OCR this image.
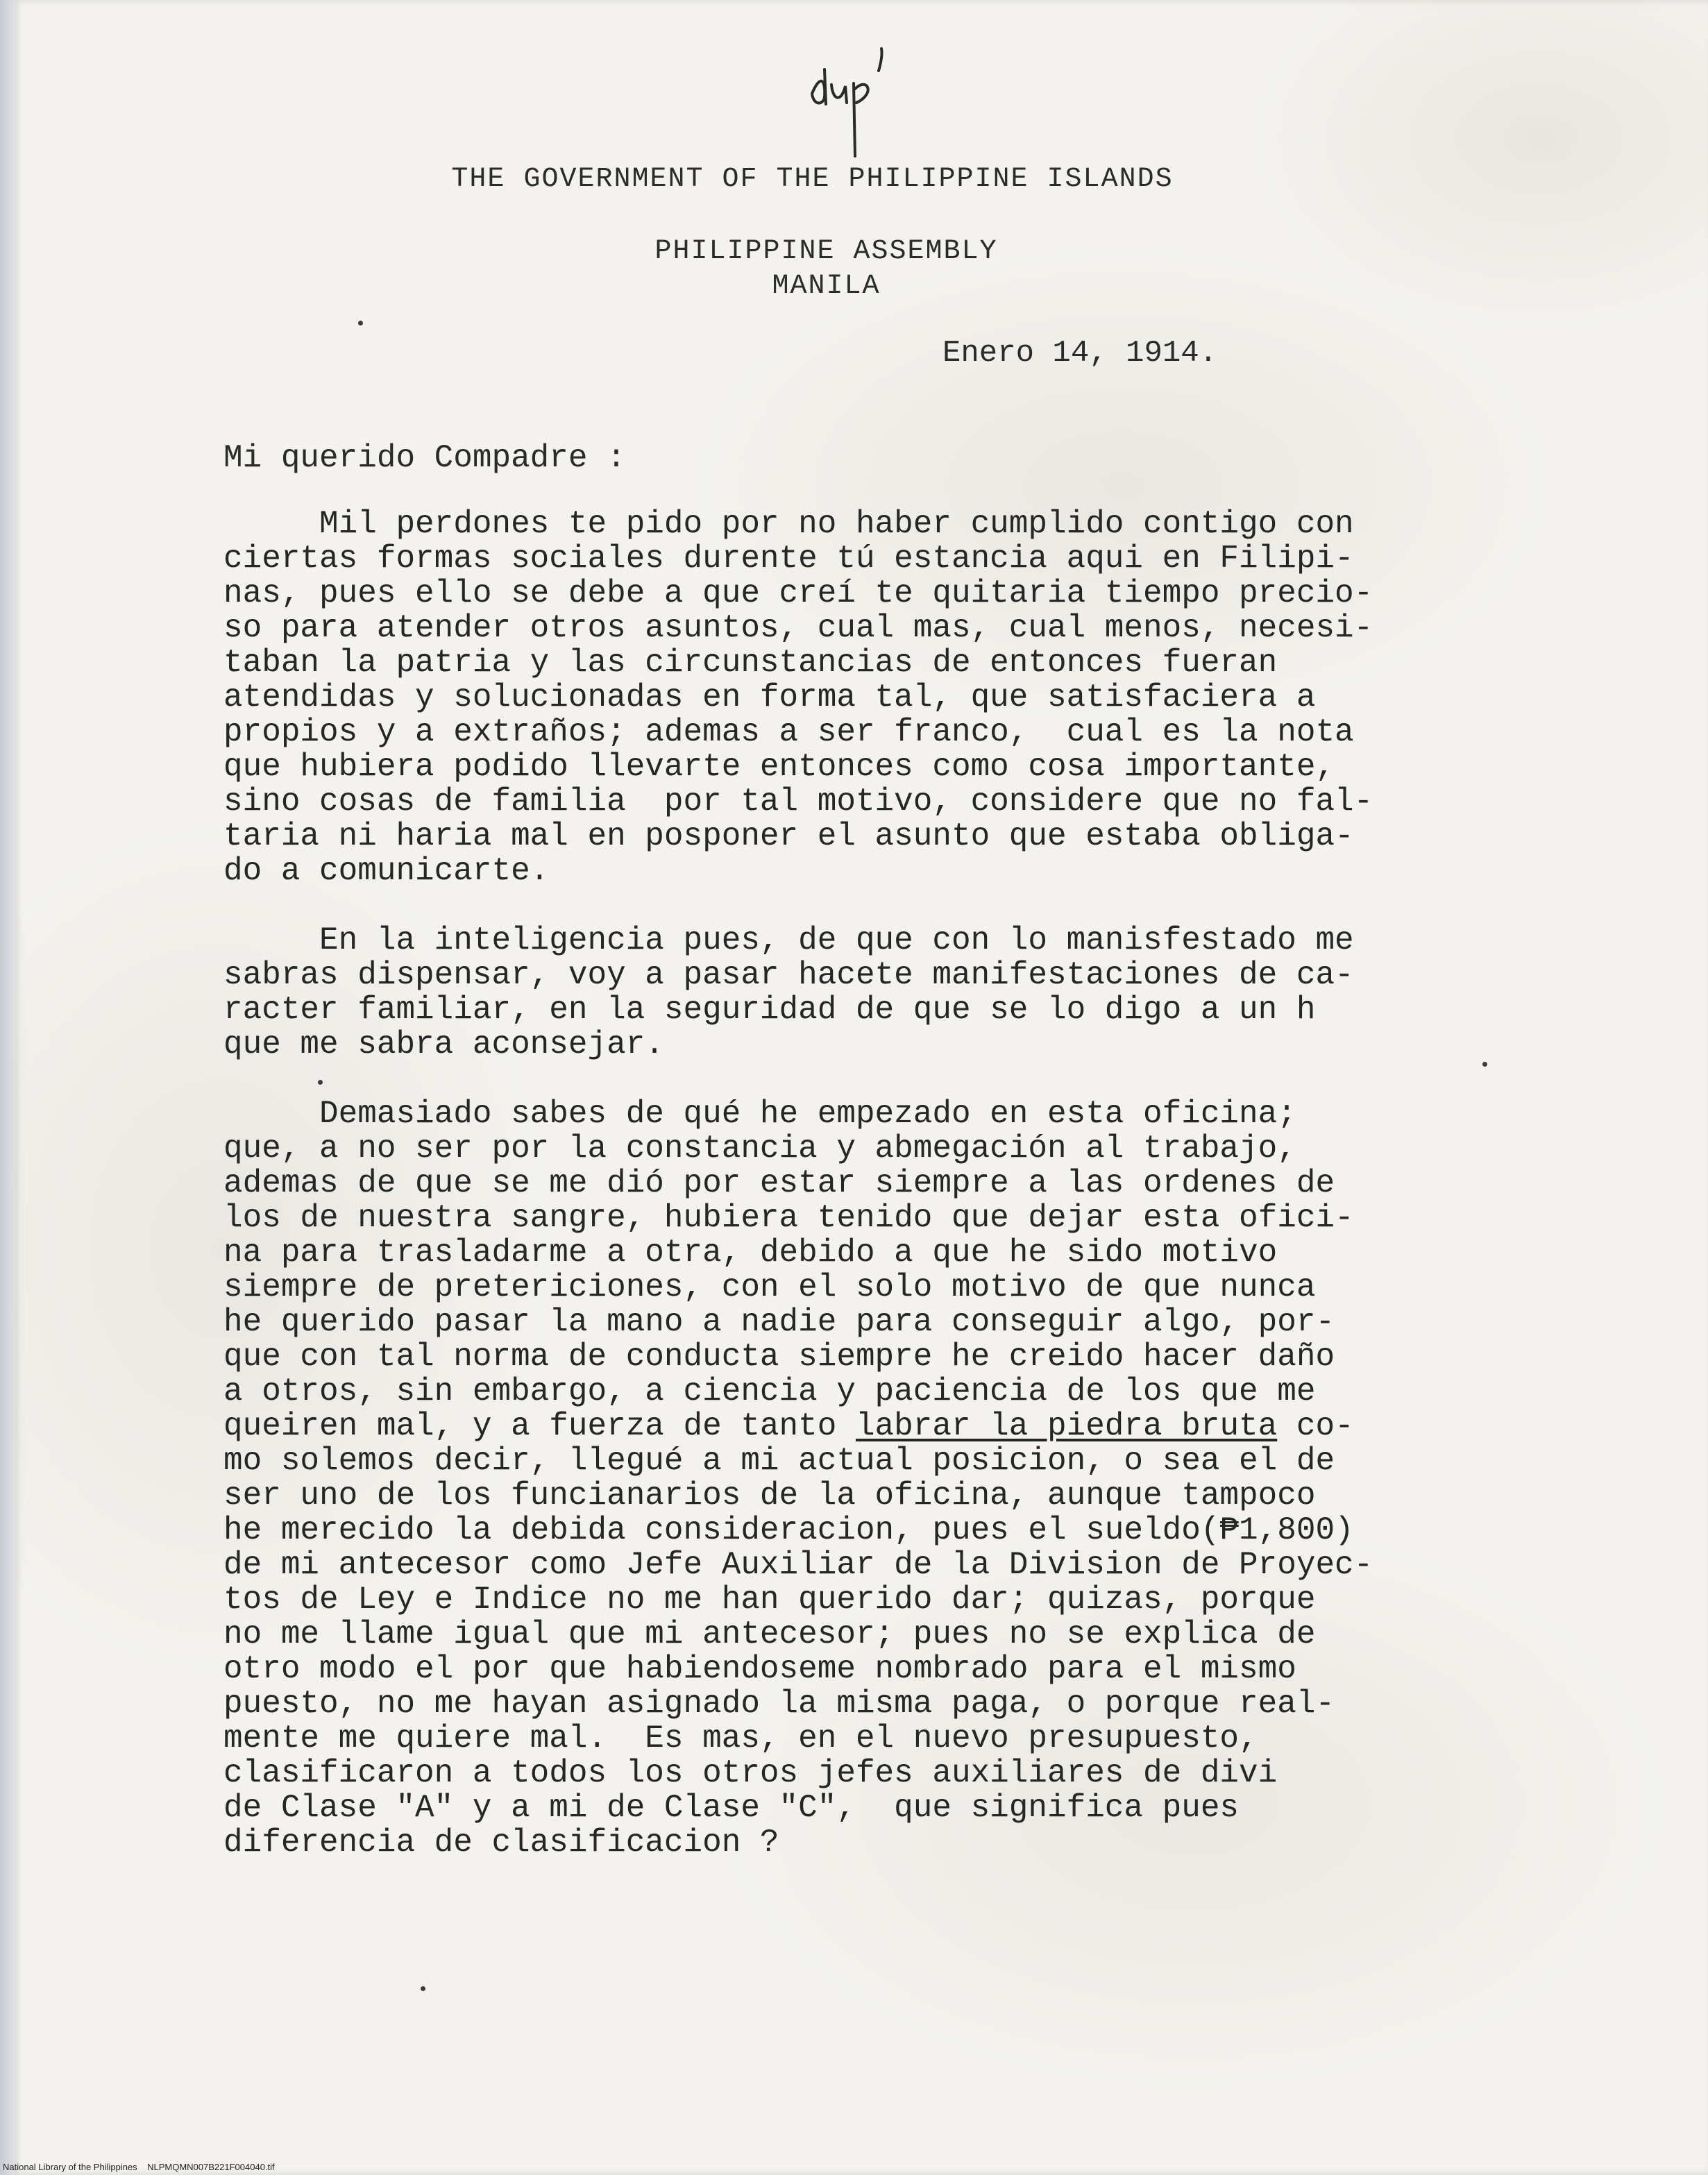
THE GOVERNMENT OF THE PHILIPPINE ISLANDS
PHILIPPINE ASSEMBLY
MANILA
Enero 14, 1914.
Mi querido Compadre :
Mil perdones te pido por no haber cumplido contigo con
ciertas formas sociales durente tú estancia aqui en Filipi-
nas, pues ello se debe a que creí te quitaria tiempo precio-
so para atender otros asuntos, cual mas, cual menos, necesi-
taban la patria y las circunstancias de entonces fueran
atendidas y solucionadas en forma tal, que satisfaciera a
propios y a extraños; ademas a ser franco,  cual es la nota
que hubiera podido llevarte entonces como cosa importante,
sino cosas de familia  por tal motivo, considere que no fal-
taria ni haria mal en posponer el asunto que estaba obliga-
do a comunicarte.
En la inteligencia pues, de que con lo manisfestado me
sabras dispensar, voy a pasar hacete manifestaciones de ca-
racter familiar, en la seguridad de que se lo digo a un h
que me sabra aconsejar.
Demasiado sabes de qué he empezado en esta oficina;
que, a no ser por la constancia y abmegación al trabajo,
ademas de que se me dió por estar siempre a las ordenes de
los de nuestra sangre, hubiera tenido que dejar esta ofici-
na para trasladarme a otra, debido a que he sido motivo
siempre de pretericiones, con el solo motivo de que nunca
he querido pasar la mano a nadie para conseguir algo, por-
que con tal norma de conducta siempre he creido hacer daño
a otros, sin embargo, a ciencia y paciencia de los que me
queiren mal, y a fuerza de tanto labrar la piedra bruta co-
mo solemos decir, llegué a mi actual posicion, o sea el de
ser uno de los funcianarios de la oficina, aunque tampoco
he merecido la debida consideracion, pues el sueldo(₱1,800)
de mi antecesor como Jefe Auxiliar de la Division de Proyec-
tos de Ley e Indice no me han querido dar; quizas, porque
no me llame igual que mi antecesor; pues no se explica de
otro modo el por que habiendoseme nombrado para el mismo
puesto, no me hayan asignado la misma paga, o porque real-
mente me quiere mal.  Es mas, en el nuevo presupuesto,
clasificaron a todos los otros jefes auxiliares de divi
de Clase "A" y a mi de Clase "C",  que significa pues
diferencia de clasificacion ?
National Library of the Philippines    NLPMQMN007B221F004040.tif
